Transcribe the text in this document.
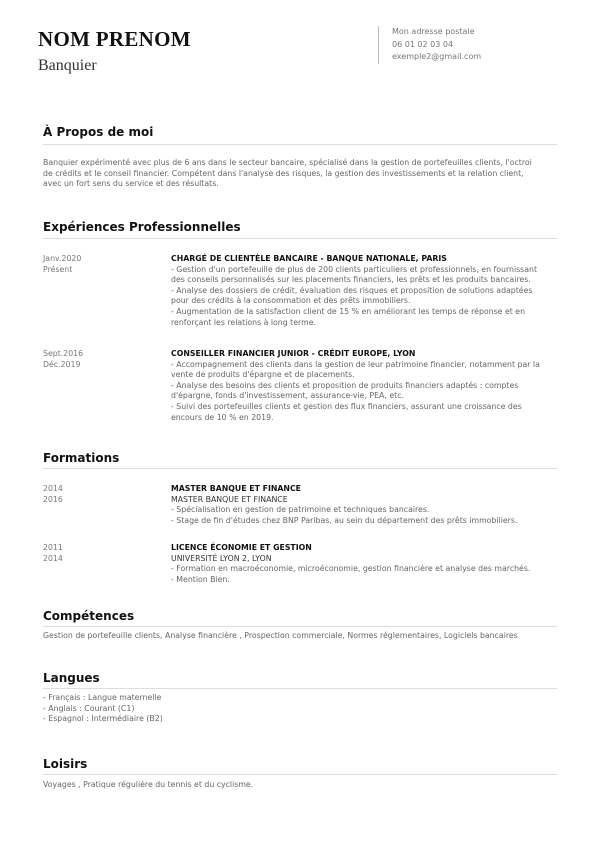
NOM PRENOM
Banquier
Mon adresse postale
06 01 02 03 04
exemple2@gmail.com
À Propos de moi
Banquier expérimenté avec plus de 6 ans dans le secteur bancaire, spécialisé dans la gestion de portefeuilles clients, l'octroi
de crédits et le conseil financier. Compétent dans l'analyse des risques, la gestion des investissements et la relation client,
avec un fort sens du service et des résultats.
Expériences Professionnelles
Janv.2020
Présent
CHARGÉ DE CLIENTÈLE BANCAIRE - BANQUE NATIONALE, PARIS
- Gestion d'un portefeuille de plus de 200 clients particuliers et professionnels, en fournissant
des conseils personnalisés sur les placements financiers, les prêts et les produits bancaires.
- Analyse des dossiers de crédit, évaluation des risques et proposition de solutions adaptées
pour des crédits à la consommation et des prêts immobiliers.
- Augmentation de la satisfaction client de 15 % en améliorant les temps de réponse et en
renforçant les relations à long terme.
Sept.2016
Déc.2019
CONSEILLER FINANCIER JUNIOR - CRÉDIT EUROPE, LYON
- Accompagnement des clients dans la gestion de leur patrimoine financier, notamment par la
vente de produits d'épargne et de placements.
- Analyse des besoins des clients et proposition de produits financiers adaptés : comptes
d'épargne, fonds d'investissement, assurance-vie, PEA, etc.
- Suivi des portefeuilles clients et gestion des flux financiers, assurant une croissance des
encours de 10 % en 2019.
Formations
2014
2016
MASTER BANQUE ET FINANCE
MASTER BANQUE ET FINANCE
- Spécialisation en gestion de patrimoine et techniques bancaires.
- Stage de fin d'études chez BNP Paribas, au sein du département des prêts immobiliers.
2011
2014
LICENCE ÉCONOMIE ET GESTION
UNIVERSITÉ LYON 2, LYON
- Formation en macroéconomie, microéconomie, gestion financière et analyse des marchés.
- Mention Bien.
Compétences
Gestion de portefeuille clients, Analyse financière , Prospection commerciale, Normes réglementaires, Logiciels bancaires
Langues
- Français : Langue maternelle
- Anglais : Courant (C1)
- Espagnol : Intermédiaire (B2)
Loisirs
Voyages , Pratique régulière du tennis et du cyclisme.
